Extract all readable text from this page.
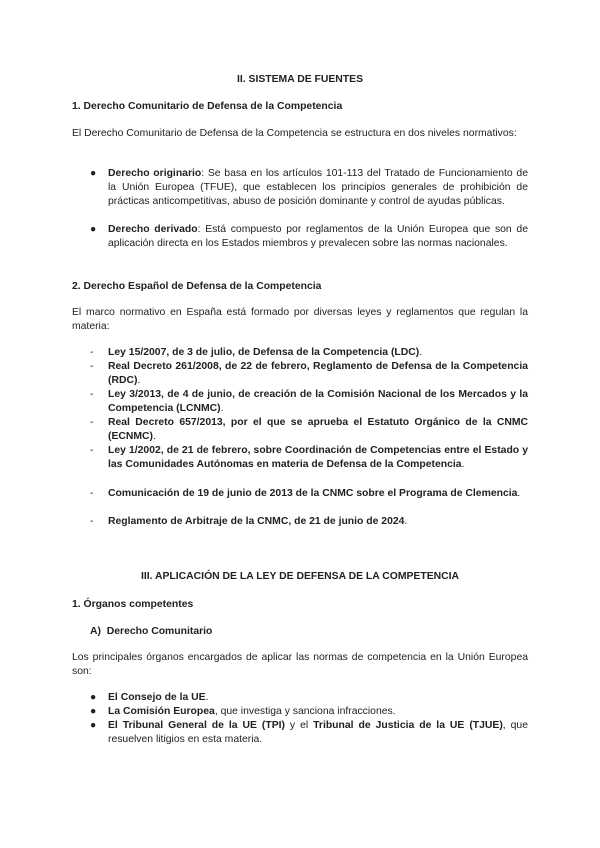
II. SISTEMA DE FUENTES
1. Derecho Comunitario de Defensa de la Competencia

El Derecho Comunitario de Defensa de la Competencia se estructura en dos niveles normativos:

●	Derecho originario: Se basa en los artículos 101-113 del Tratado de Funcionamiento de la Unión Europea (TFUE), que establecen los principios generales de prohibición de prácticas anticompetitivas, abuso de posición dominante y control de ayudas públicas.

●	Derecho derivado: Está compuesto por reglamentos de la Unión Europea que son de aplicación directa en los Estados miembros y prevalecen sobre las normas nacionales.

2. Derecho Español de Defensa de la Competencia

El marco normativo en España está formado por diversas leyes y reglamentos que regulan la materia:

-	Ley 15/2007, de 3 de julio, de Defensa de la Competencia (LDC).

-	Real Decreto 261/2008, de 22 de febrero, Reglamento de Defensa de la Competencia (RDC).

-	Ley 3/2013, de 4 de junio, de creación de la Comisión Nacional de los Mercados y la Competencia (LCNMC).

-	Real Decreto 657/2013, por el que se aprueba el Estatuto Orgánico de la CNMC (ECNMC).

-	Ley 1/2002, de 21 de febrero, sobre Coordinación de Competencias entre el Estado y las Comunidades Autónomas en materia de Defensa de la Competencia.

-	Comunicación de 19 de junio de 2013 de la CNMC sobre el Programa de Clemencia.

-	Reglamento de Arbitraje de la CNMC, de 21 de junio de 2024.

III. APLICACIÓN DE LA LEY DE DEFENSA DE LA COMPETENCIA
1. Órganos competentes
A)  Derecho Comunitario

Los principales órganos encargados de aplicar las normas de competencia en la Unión Europea son:

●	El Consejo de la UE.

●	La Comisión Europea, que investiga y sanciona infracciones.

●	El Tribunal General de la UE (TPI) y el Tribunal de Justicia de la UE (TJUE), que resuelven litigios en esta materia.
